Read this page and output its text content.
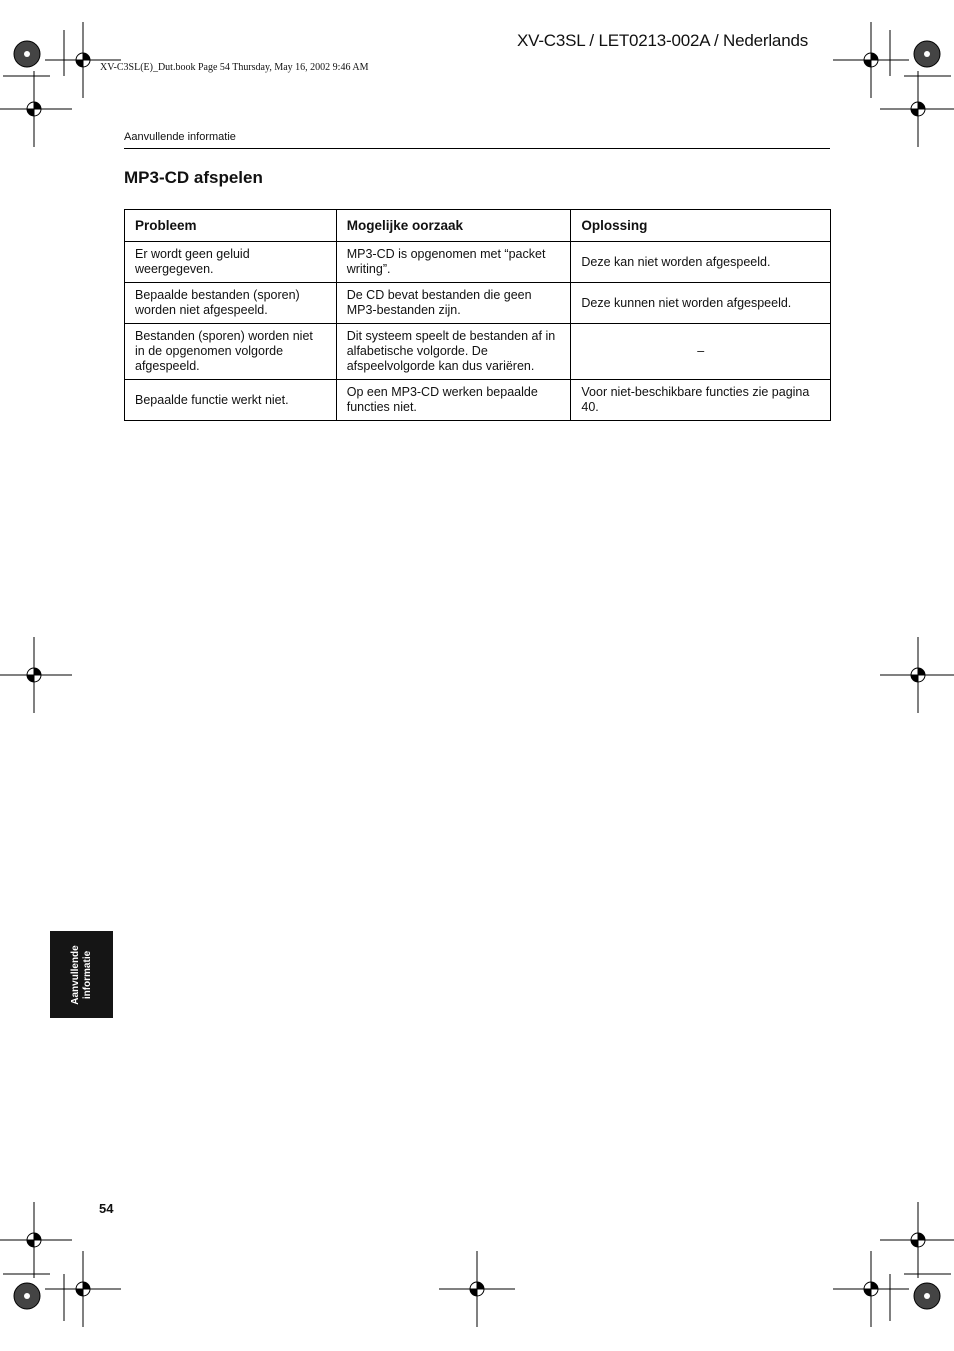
XV-C3SL / LET0213-002A / Nederlands
XV-C3SL(E)_Dut.book Page 54 Thursday, May 16, 2002 9:46 AM
Aanvullende informatie
MP3-CD afspelen
Probleem	Mogelijke oorzaak	Oplossing
Er wordt geen geluid weergegeven.	MP3-CD is opgenomen met “packet writing”.	Deze kan niet worden afgespeeld.
Bepaalde bestanden (sporen) worden niet afgespeeld.	De CD bevat bestanden die geen MP3-bestanden zijn.	Deze kunnen niet worden afgespeeld.
Bestanden (sporen) worden niet in de opgenomen volgorde afgespeeld.	Dit systeem speelt de bestanden af in alfabetische volgorde. De afspeelvolgorde kan dus variëren.	–
Bepaalde functie werkt niet.	Op een MP3-CD werken bepaalde functies niet.	Voor niet-beschikbare functies zie pagina 40.
Aanvullende informatie
54
